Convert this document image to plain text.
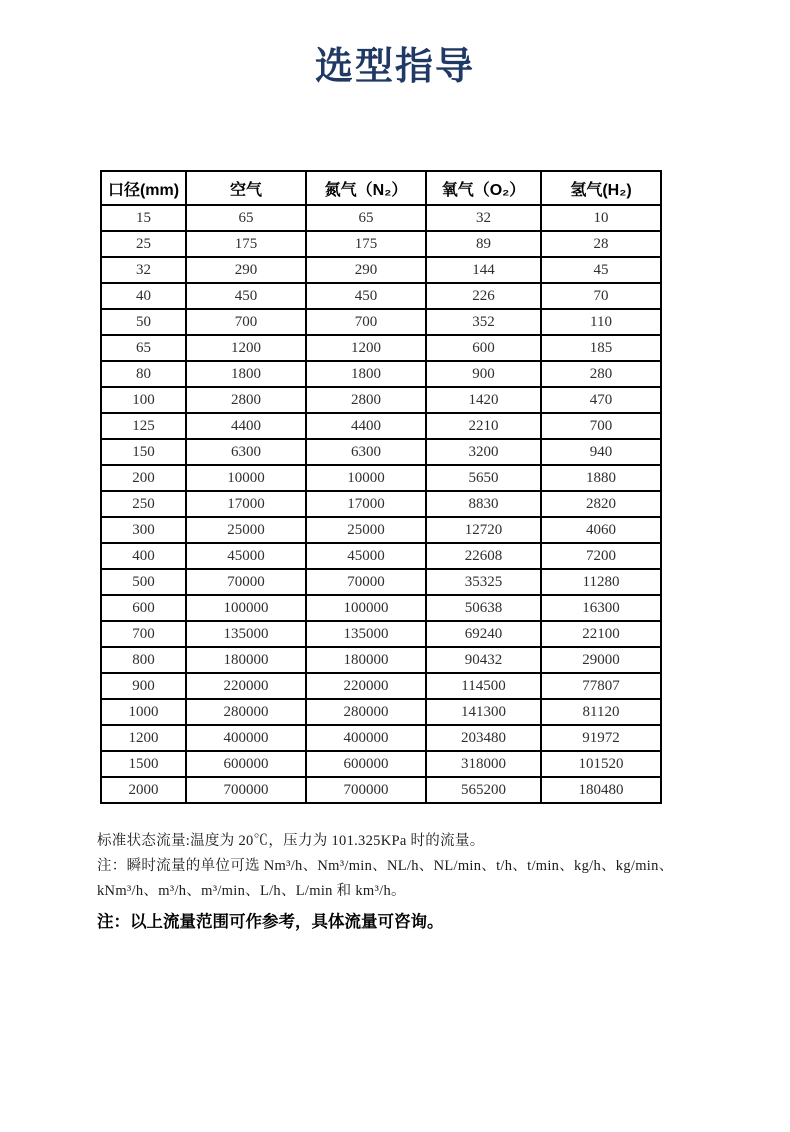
选型指导
口径(mm)	空气	氮气（N₂）	氧气（O₂）	氢气(H₂)
15	65	65	32	10
25	175	175	89	28
32	290	290	144	45
40	450	450	226	70
50	700	700	352	110
65	1200	1200	600	185
80	1800	1800	900	280
100	2800	2800	1420	470
125	4400	4400	2210	700
150	6300	6300	3200	940
200	10000	10000	5650	1880
250	17000	17000	8830	2820
300	25000	25000	12720	4060
400	45000	45000	22608	7200
500	70000	70000	35325	11280
600	100000	100000	50638	16300
700	135000	135000	69240	22100
800	180000	180000	90432	29000
900	220000	220000	114500	77807
1000	280000	280000	141300	81120
1200	400000	400000	203480	91972
1500	600000	600000	318000	101520
2000	700000	700000	565200	180480

标准状态流量:温度为 20℃，压力为 101.325KPa 时的流量。

注：瞬时流量的单位可选 Nm³/h、Nm³/min、NL/h、NL/min、t/h、t/min、kg/h、kg/min、

kNm³/h、m³/h、m³/min、L/h、L/min 和 km³/h。

注：以上流量范围可作参考，具体流量可咨询。
